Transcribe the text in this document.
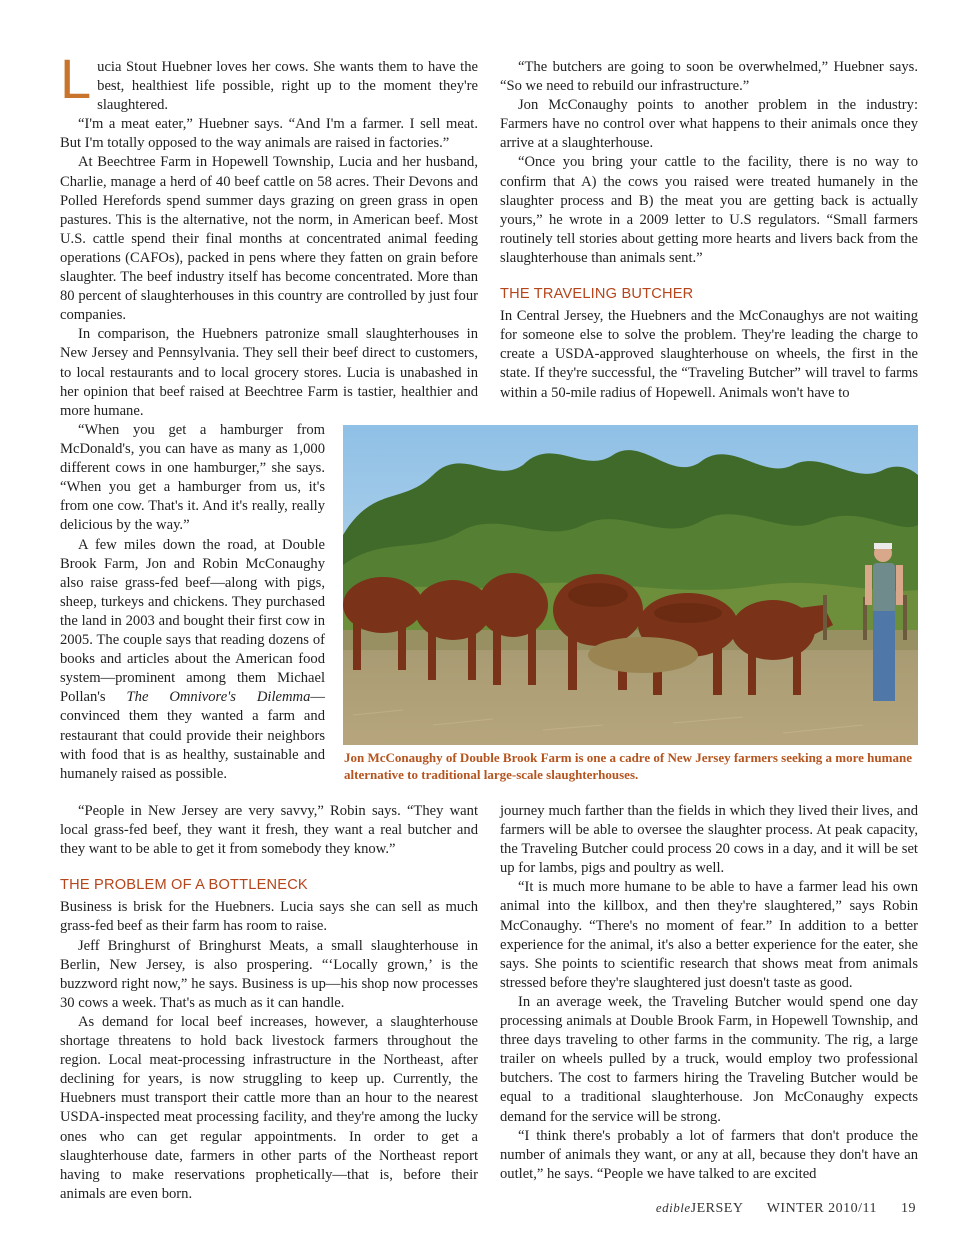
Lucia Stout Huebner loves her cows. She wants them to have the best, healthiest life possible, right up to the moment they're slaughtered.

“I'm a meat eater,” Huebner says. “And I'm a farmer. I sell meat. But I'm totally opposed to the way animals are raised in factories.”

At Beechtree Farm in Hopewell Township, Lucia and her husband, Charlie, manage a herd of 40 beef cattle on 58 acres. Their Devons and Polled Herefords spend summer days grazing on green grass in open pastures. This is the alternative, not the norm, in American beef. Most U.S. cattle spend their final months at concentrated animal feeding operations (CAFOs), packed in pens where they fatten on grain before slaughter. The beef industry itself has become concentrated. More than 80 percent of slaughterhouses in this country are controlled by just four companies.

In comparison, the Huebners patronize small slaughterhouses in New Jersey and Pennsylvania. They sell their beef direct to customers, to local restaurants and to local grocery stores. Lucia is unabashed in her opinion that beef raised at Beechtree Farm is tastier, healthier and more humane.

“When you get a hamburger from McDonald's, you can have as many as 1,000 different cows in one hamburger,” she says. “When you get a hamburger from us, it's from one cow. That's it. And it's really, really delicious by the way.”

A few miles down the road, at Double Brook Farm, Jon and Robin McConaughy also raise grass-fed beef—along with pigs, sheep, turkeys and chickens. They purchased the land in 2003 and bought their first cow in 2005. The couple says that reading dozens of books and articles about the American food system—prominent among them Michael Pollan's The Omnivore's Dilemma—convinced them they wanted a farm and restaurant that could provide their neighbors with food that is as healthy, sustainable and humanely raised as possible.

“People in New Jersey are very savvy,” Robin says. “They want local grass-fed beef, they want it fresh, they want a real butcher and they want to be able to get it from somebody they know.”

THE PROBLEM OF A BOTTLENECK

Business is brisk for the Huebners. Lucia says she can sell as much grass-fed beef as their farm has room to raise.

Jeff Bringhurst of Bringhurst Meats, a small slaughterhouse in Berlin, New Jersey, is also prospering. “‘Locally grown,’ is the buzzword right now,” he says. Business is up—his shop now processes 30 cows a week. That's as much as it can handle.

As demand for local beef increases, however, a slaughterhouse shortage threatens to hold back livestock farmers throughout the region. Local meat-processing infrastructure in the Northeast, after declining for years, is now struggling to keep up. Currently, the Huebners must transport their cattle more than an hour to the nearest USDA-inspected meat processing facility, and they're among the lucky ones who can get regular appointments. In order to get a slaughterhouse date, farmers in other parts of the Northeast report having to make reservations prophetically—that is, before their animals are even born.

“The butchers are going to soon be overwhelmed,” Huebner says. “So we need to rebuild our infrastructure.”

Jon McConaughy points to another problem in the industry: Farmers have no control over what happens to their animals once they arrive at a slaughterhouse.

“Once you bring your cattle to the facility, there is no way to confirm that A) the cows you raised were treated humanely in the slaughter process and B) the meat you are getting back is actually yours,” he wrote in a 2009 letter to U.S regulators. “Small farmers routinely tell stories about getting more hearts and livers back from the slaughterhouse than animals sent.”

THE TRAVELING BUTCHER

In Central Jersey, the Huebners and the McConaughys are not waiting for someone else to solve the problem. They're leading the charge to create a USDA-approved slaughterhouse on wheels, the first in the state. If they're successful, the “Traveling Butcher” will travel to farms within a 50-mile radius of Hopewell. Animals won't have to

Jon McConaughy of Double Brook Farm is one a cadre of New Jersey farmers seeking a more humane alternative to traditional large-scale slaughterhouses.

journey much farther than the fields in which they lived their lives, and farmers will be able to oversee the slaughter process. At peak capacity, the Traveling Butcher could process 20 cows in a day, and it will be set up for lambs, pigs and poultry as well.

“It is much more humane to be able to have a farmer lead his own animal into the killbox, and then they're slaughtered,” says Robin McConaughy. “There's no moment of fear.” In addition to a better experience for the animal, it's also a better experience for the eater, she says. She points to scientific research that shows meat from animals stressed before they're slaughtered just doesn't taste as good.

In an average week, the Traveling Butcher would spend one day processing animals at Double Brook Farm, in Hopewell Township, and three days traveling to other farms in the community. The rig, a large trailer on wheels pulled by a truck, would employ two professional butchers. The cost to farmers hiring the Traveling Butcher would be equal to a traditional slaughterhouse. Jon McConaughy expects demand for the service will be strong.

“I think there's probably a lot of farmers that don't produce the number of animals they want, or any at all, because they don't have an outlet,” he says. “People we have talked to are excited

edibleJERSEY WINTER 2010/11 19
